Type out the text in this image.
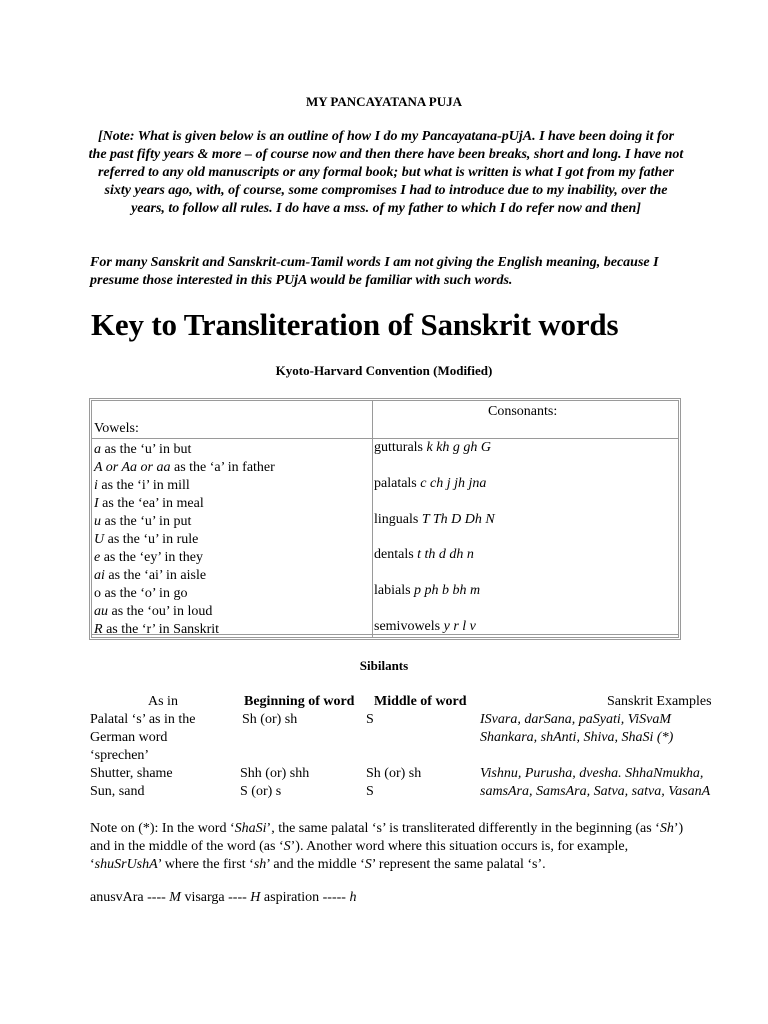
MY PANCAYATANA PUJA
[Note: What is given below is an outline of how I do my Pancayatana-pUjA. I have been doing it for the past fifty years & more – of course now and then there have been breaks, short and long. I have not referred to any old manuscripts or any formal book; but what is written is what I got from my father sixty years ago, with, of course, some compromises I had to introduce due to my inability, over the years, to follow all rules. I do have a mss. of my father to which I do refer now and then]
For many Sanskrit and Sanskrit-cum-Tamil words I am not giving the English meaning, because I presume those interested in this PUjA would be familiar with such words.
Key to Transliteration of Sanskrit words
Kyoto-Harvard Convention (Modified)
Vowels:
Consonants:
a as the ‘u’ in but
A or Aa or aa as the ‘a’ in father
i as the ‘i’ in mill
I as the ‘ea’ in meal
u as the ‘u’ in put
U as the ‘u’ in rule
e as the ‘ey’ in they
ai as the ‘ai’ in aisle
o as the ‘o’ in go
au as the ‘ou’ in loud
R as the ‘r’ in Sanskrit
gutturals k kh g gh G
palatals c ch j jh jna
linguals T Th D Dh N
dentals t th d dh n
labials p ph b bh m
semivowels y r l v
Sibilants
As in	Beginning of word Middle of word	Sanskrit Examples
Palatal ‘s’ as in the
German word
‘sprechen’
Sh (or) sh	S	ISvara, darSana, paSyati, ViSvaM
Shankara, shAnti, Shiva, ShaSi (*)
Shutter, shame	Shh (or) shh	Sh (or) sh	Vishnu, Purusha, dvesha. ShhaNmukha,
Sun, sand	S (or) s	S	samsAra, SamsAra, Satva, satva, VasanA
Note on (*): In the word ‘ShaSi’, the same palatal ‘s’ is transliterated differently in the beginning (as ‘Sh’) and in the middle of the word (as ‘S’). Another word where this situation occurs is, for example, ‘shuSrUshA’ where the first ‘sh’ and the middle ‘S’ represent the same palatal ‘s’.
anusvAra ---- M visarga ---- H aspiration ----- h
